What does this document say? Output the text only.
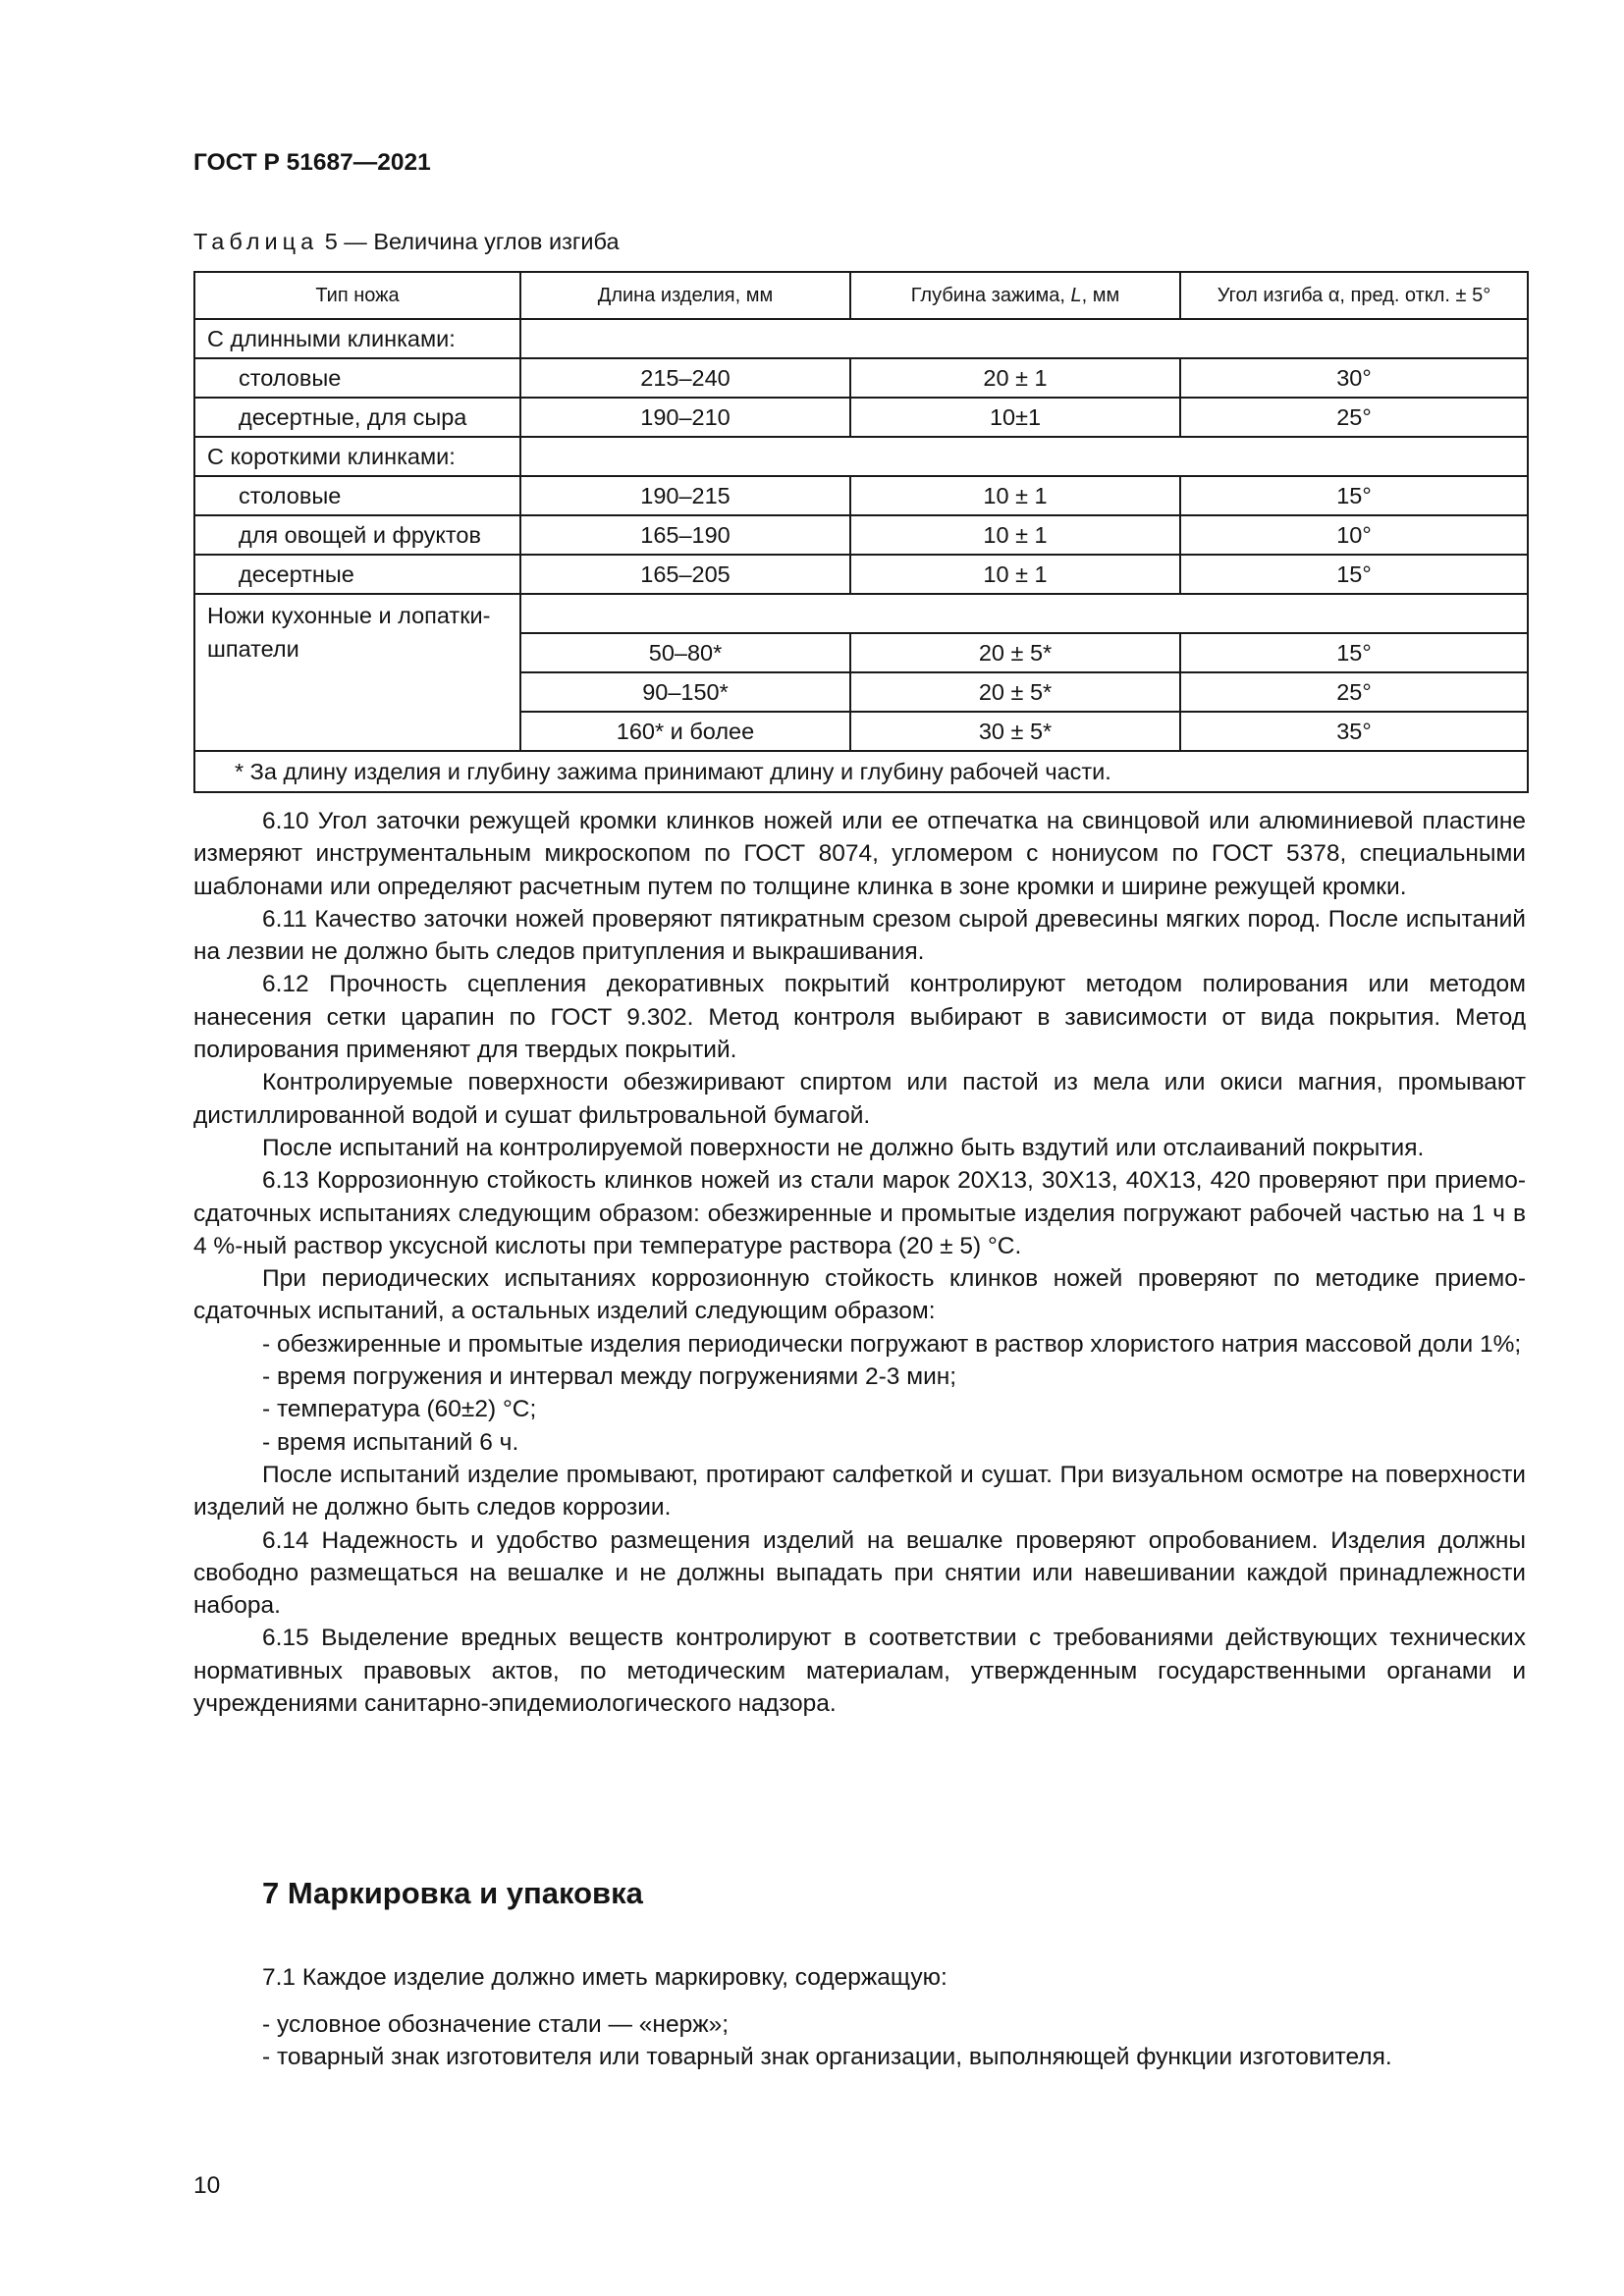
ГОСТ Р 51687—2021
Таблица 5 — Величина углов изгиба
Тип ножа	Длина изделия, мм	Глубина зажима, L, мм	Угол изгиба α, пред. откл. ± 5°
С длинными клинками:			
столовые	215–240	20 ± 1	30°
десертные, для сыра	190–210	10±1	25°
С короткими клинками:			
столовые	190–215	10 ± 1	15°
для овощей и фруктов	165–190	10 ± 1	10°
десертные	165–205	10 ± 1	15°
Ножи кухонные и лопатки-шпатели			
	50–80*	20 ± 5*	15°
	90–150*	20 ± 5*	25°
	160* и более	30 ± 5*	35°
* За длину изделия и глубину зажима принимают длину и глубину рабочей части.			

6.10 Угол заточки режущей кромки клинков ножей или ее отпечатка на свинцовой или алюминиевой пластине измеряют инструментальным микроскопом по ГОСТ 8074, угломером с нониусом по ГОСТ 5378, специальными шаблонами или определяют расчетным путем по толщине клинка в зоне кромки и ширине режущей кромки.

6.11 Качество заточки ножей проверяют пятикратным срезом сырой древесины мягких пород. После испытаний на лезвии не должно быть следов притупления и выкрашивания.

6.12 Прочность сцепления декоративных покрытий контролируют методом полирования или методом нанесения сетки царапин по ГОСТ 9.302. Метод контроля выбирают в зависимости от вида покрытия. Метод полирования применяют для твердых покрытий.

Контролируемые поверхности обезжиривают спиртом или пастой из мела или окиси магния, промывают дистиллированной водой и сушат фильтровальной бумагой.

После испытаний на контролируемой поверхности не должно быть вздутий или отслаиваний покрытия.

6.13 Коррозионную стойкость клинков ножей из стали марок 20Х13, 30Х13, 40Х13, 420 проверяют при приемо-сдаточных испытаниях следующим образом: обезжиренные и промытые изделия погружают рабочей частью на 1 ч в 4 %-ный раствор уксусной кислоты при температуре раствора (20 ± 5) °С.

При периодических испытаниях коррозионную стойкость клинков ножей проверяют по методике приемо-сдаточных испытаний, а остальных изделий следующим образом:

- обезжиренные и промытые изделия периодически погружают в раствор хлористого натрия массовой доли 1%;

- время погружения и интервал между погружениями 2-3 мин;

- температура (60±2) °С;

- время испытаний 6 ч.

После испытаний изделие промывают, протирают салфеткой и сушат. При визуальном осмотре на поверхности изделий не должно быть следов коррозии.

6.14 Надежность и удобство размещения изделий на вешалке проверяют опробованием. Изделия должны свободно размещаться на вешалке и не должны выпадать при снятии или навешивании каждой принадлежности набора.

6.15 Выделение вредных веществ контролируют в соответствии с требованиями действующих технических нормативных правовых актов, по методическим материалам, утвержденным государственными органами и учреждениями санитарно-эпидемиологического надзора.

7 Маркировка и упаковка

7.1 Каждое изделие должно иметь маркировку, содержащую:

- условное обозначение стали — «нерж»;

- товарный знак изготовителя или товарный знак организации, выполняющей функции изготовителя.

10
